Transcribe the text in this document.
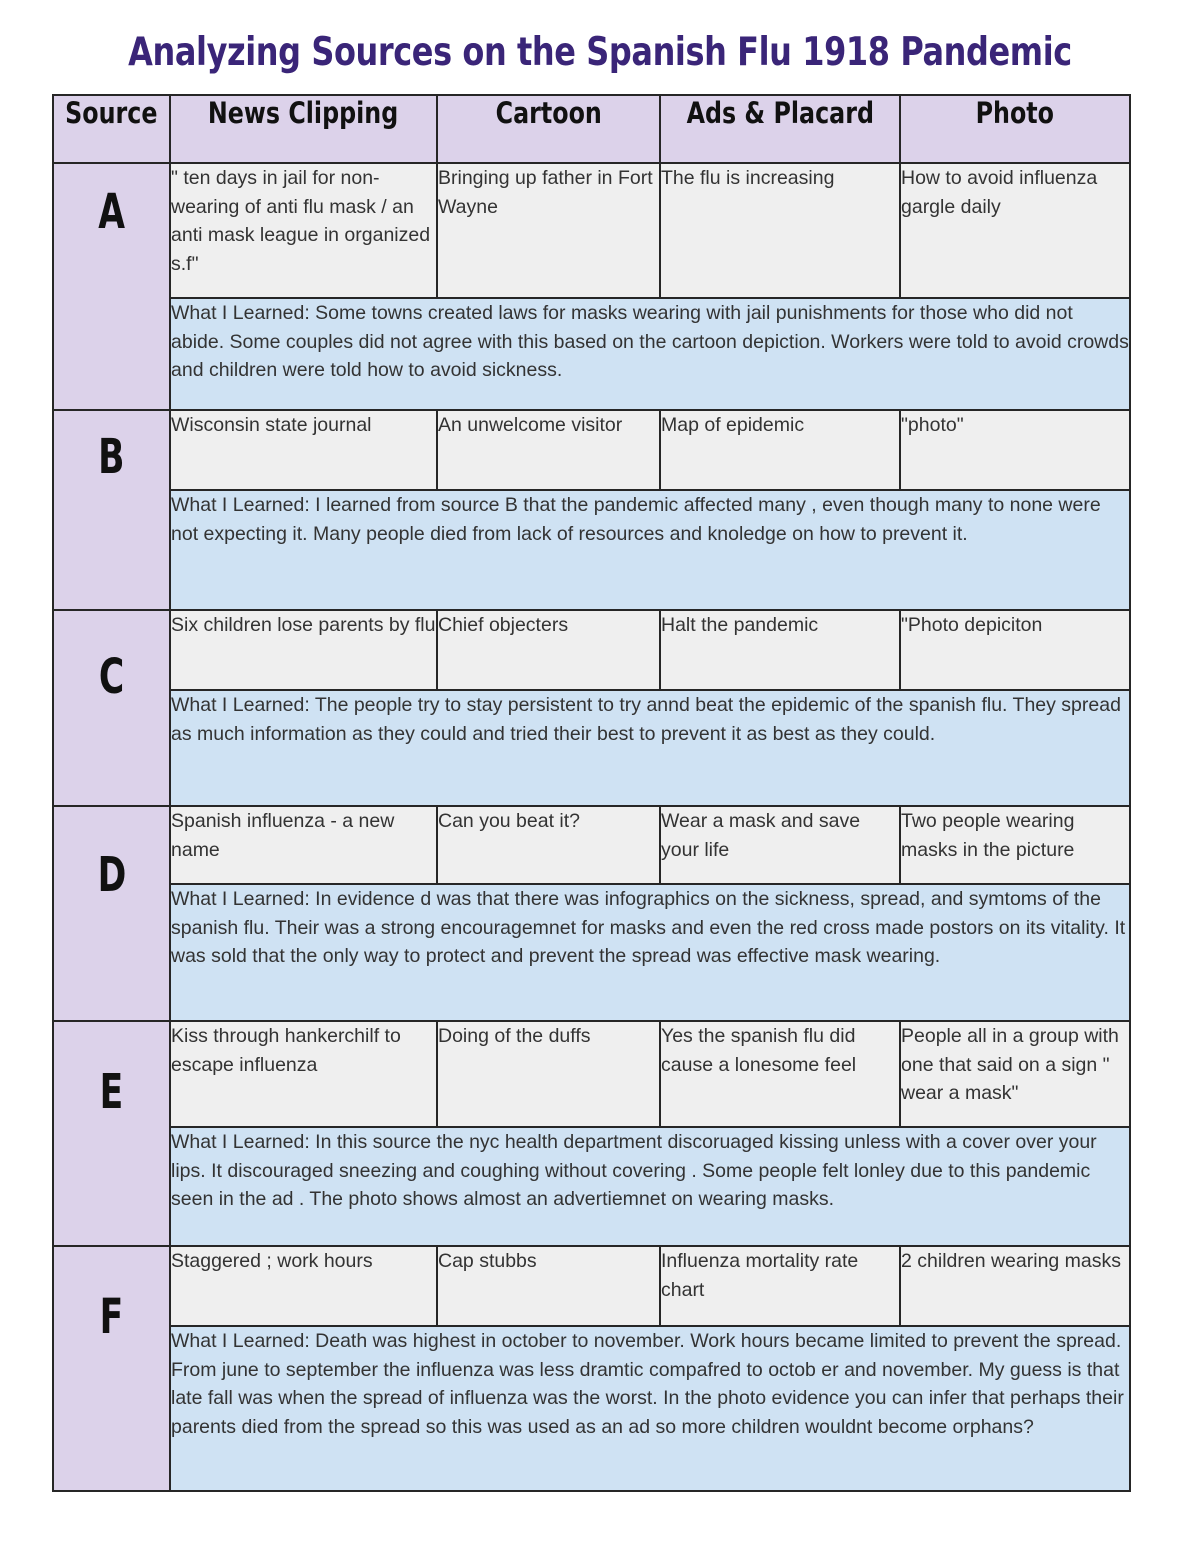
Analyzing Sources on the Spanish Flu 1918 Pandemic
Source	News Clipping	Cartoon	Ads & Placard	Photo
A	" ten days in jail for non-wearing of anti flu mask / an anti mask league in organized s.f"	Bringing up father in Fort Wayne	The flu is increasing	How to avoid influenza gargle daily
	What I Learned: Some towns created laws for masks wearing with jail punishments for those who did not abide. Some couples did not agree with this based on the cartoon depiction. Workers were told to avoid crowds and children were told how to avoid sickness.			
B	Wisconsin state journal	An unwelcome visitor	Map of epidemic	"photo"
	What I Learned: I learned from source B that the pandemic affected many , even though many to none were not expecting it. Many people died from lack of resources and knoledge on how to prevent it.			
C	Six children lose parents by flu	Chief objecters	Halt the pandemic	"Photo depiciton
	What I Learned: The people try to stay persistent to try annd beat the epidemic of the spanish flu. They spread as much information as they could and tried their best to prevent it as best as they could.			
D	Spanish influenza - a new name	Can you beat it?	Wear a mask and save your life	Two people wearing masks in the picture
	What I Learned: In evidence d was that there was infographics on the sickness, spread, and symtoms of the spanish flu. Their was a strong encouragemnet for masks and even the red cross made postors on its vitality. It was sold that the only way to protect and prevent the spread was effective mask wearing.			
E	Kiss through hankerchilf to escape influenza	Doing of the duffs	Yes the spanish flu did cause a lonesome feel	People all in a group with one that said on a sign " wear a mask"
	What I Learned: In this source the nyc health department discoruaged kissing unless with a cover over your lips. It discouraged sneezing and coughing without covering . Some people felt lonley due to this pandemic seen in the ad . The photo shows almost an advertiemnet on wearing masks.			
F	Staggered ; work hours	Cap stubbs	Influenza mortality rate chart	2 children wearing masks
	What I Learned: Death was highest in october to november. Work hours became limited to prevent the spread. From june to september the influenza was less dramtic compafred to octob er and november. My guess is that late fall was when the spread of influenza was the worst. In the photo evidence you can infer that perhaps their parents died from the spread so this was used as an ad so more children wouldnt become orphans?			
